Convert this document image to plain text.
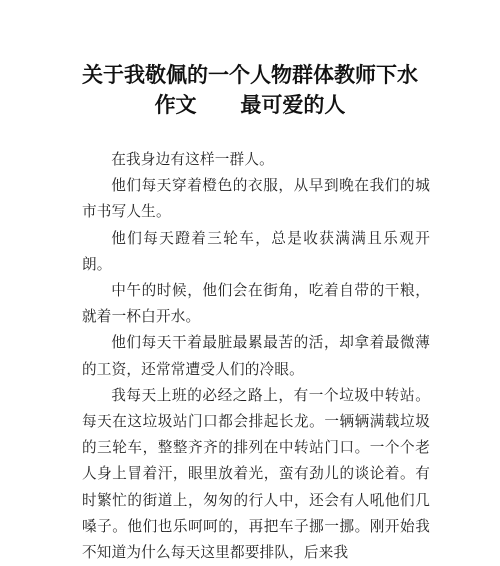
关于我敬佩的一个人物群体教师下水
作文      最可爱的人

在我身边有这样一群人。

他们每天穿着橙色的衣服，从早到晚在我们的城市书写人生。

他们每天蹬着三轮车，总是收获满满且乐观开朗。

中午的时候，他们会在街角，吃着自带的干粮，就着一杯白开水。

他们每天干着最脏最累最苦的活，却拿着最微薄的工资，还常常遭受人们的冷眼。

我每天上班的必经之路上，有一个垃圾中转站。每天在这垃圾站门口都会排起长龙。一辆辆满载垃圾的三轮车，整整齐齐的排列在中转站门口。一个个老人身上冒着汗，眼里放着光，蛮有劲儿的谈论着。有时繁忙的街道上，匆匆的行人中，还会有人吼他们几嗓子。他们也乐呵呵的，再把车子挪一挪。刚开始我不知道为什么每天这里都要排队，后来我
